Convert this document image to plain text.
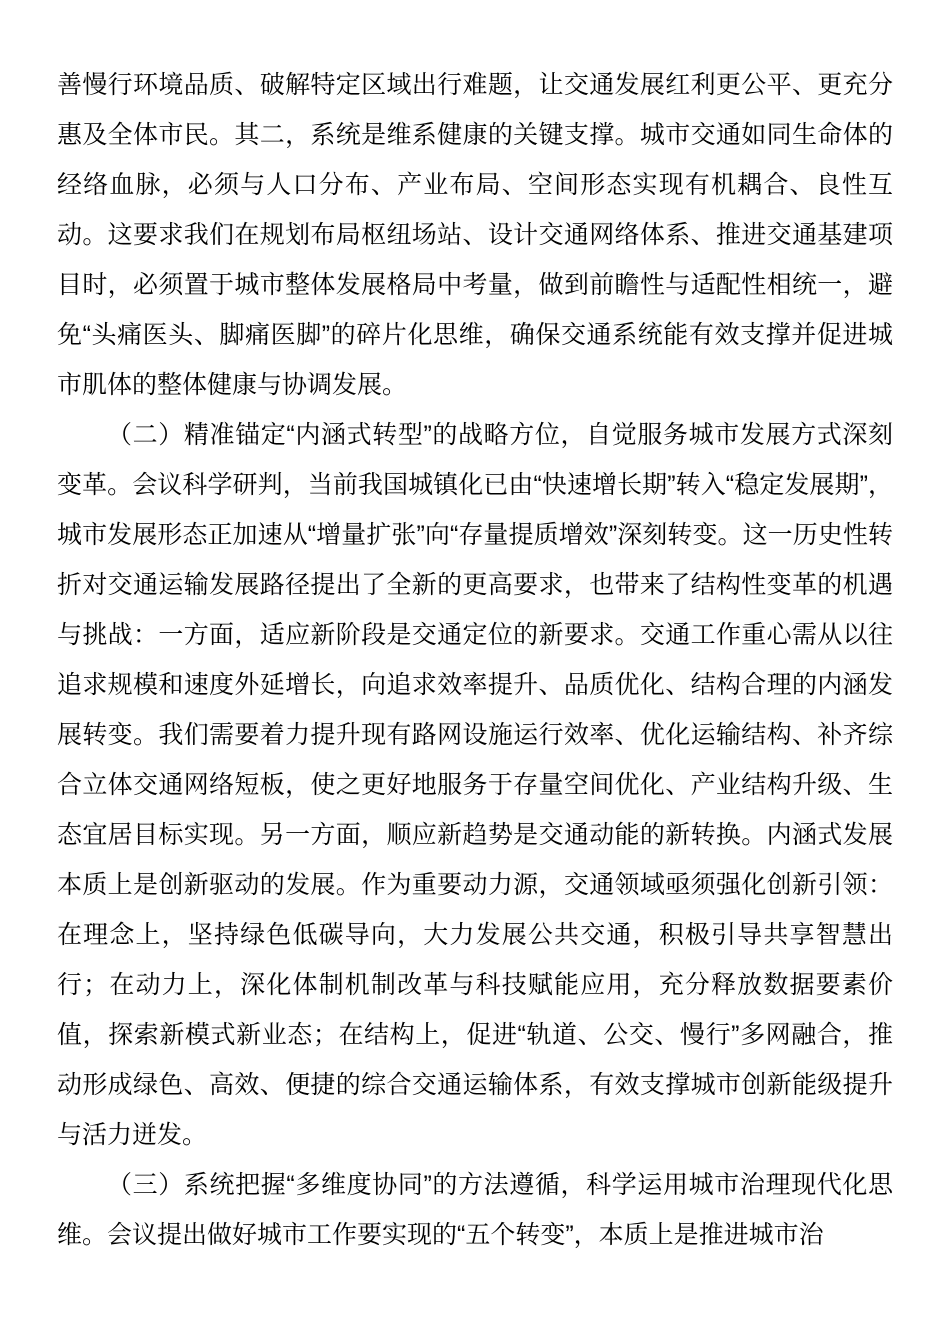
善慢行环境品质、破解特定区域出行难题，让交通发展红利更公平、更充分惠及全体市民。其二，系统是维系健康的关键支撑。城市交通如同生命体的经络血脉，必须与人口分布、产业布局、空间形态实现有机耦合、良性互动。这要求我们在规划布局枢纽场站、设计交通网络体系、推进交通基建项目时，必须置于城市整体发展格局中考量，做到前瞻性与适配性相统一，避免“头痛医头、脚痛医脚”的碎片化思维，确保交通系统能有效支撑并促进城市肌体的整体健康与协调发展。

（二）精准锚定“内涵式转型”的战略方位，自觉服务城市发展方式深刻变革。会议科学研判，当前我国城镇化已由“快速增长期”转入“稳定发展期”，城市发展形态正加速从“增量扩张”向“存量提质增效”深刻转变。这一历史性转折对交通运输发展路径提出了全新的更高要求，也带来了结构性变革的机遇与挑战：一方面，适应新阶段是交通定位的新要求。交通工作重心需从以往追求规模和速度外延增长，向追求效率提升、品质优化、结构合理的内涵发展转变。我们需要着力提升现有路网设施运行效率、优化运输结构、补齐综合立体交通网络短板，使之更好地服务于存量空间优化、产业结构升级、生态宜居目标实现。另一方面，顺应新趋势是交通动能的新转换。内涵式发展本质上是创新驱动的发展。作为重要动力源，交通领域亟须强化创新引领：在理念上，坚持绿色低碳导向，大力发展公共交通，积极引导共享智慧出行；在动力上，深化体制机制改革与科技赋能应用，充分释放数据要素价值，探索新模式新业态；在结构上，促进“轨道、公交、慢行”多网融合，推动形成绿色、高效、便捷的综合交通运输体系，有效支撑城市创新能级提升与活力迸发。

（三）系统把握“多维度协同”的方法遵循，科学运用城市治理现代化思维。会议提出做好城市工作要实现的“五个转变”，本质上是推进城市治
